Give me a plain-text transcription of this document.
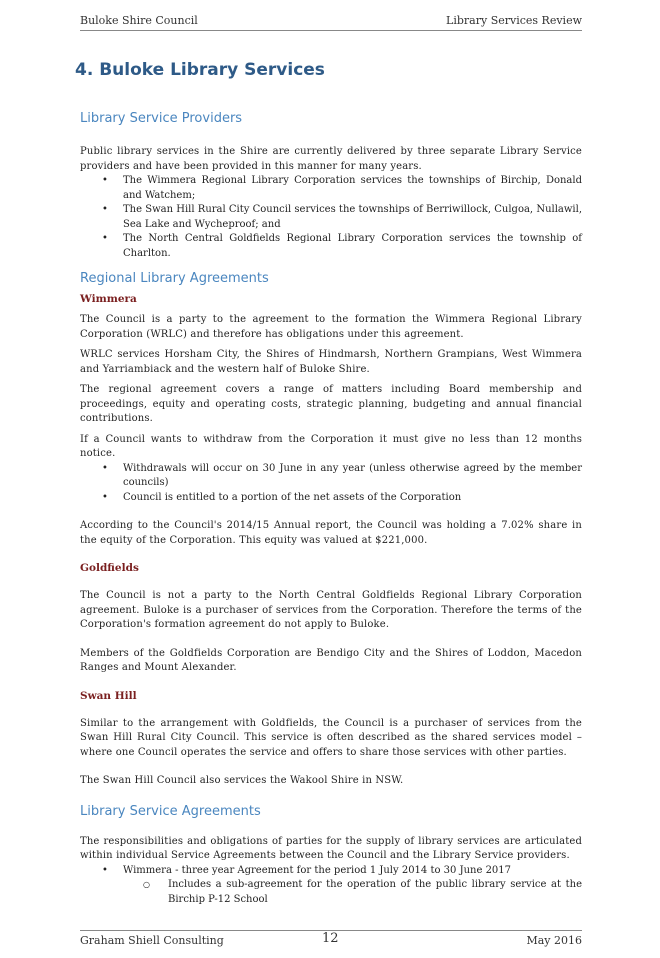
Buloke Shire Council	Library Services Review
4. Buloke Library Services
Library Service Providers

Public library services in the Shire are currently delivered by three separate Library Service providers and have been provided in this manner for many years.

• The Wimmera Regional Library Corporation services the townships of Birchip, Donald and Watchem;
• The Swan Hill Rural City Council services the townships of Berriwillock, Culgoa, Nullawil, Sea Lake and Wycheproof; and
• The North Central Goldfields Regional Library Corporation services the township of Charlton.
Regional Library Agreements
Wimmera

The Council is a party to the agreement to the formation the Wimmera Regional Library Corporation (WRLC) and therefore has obligations under this agreement.

WRLC services Horsham City, the Shires of Hindmarsh, Northern Grampians, West Wimmera and Yarriambiack and the western half of Buloke Shire.

The regional agreement covers a range of matters including Board membership and proceedings, equity and operating costs, strategic planning, budgeting and annual financial contributions.

If a Council wants to withdraw from the Corporation it must give no less than 12 months notice.

• Withdrawals will occur on 30 June in any year (unless otherwise agreed by the member councils)
• Council is entitled to a portion of the net assets of the Corporation

According to the Council's 2014/15 Annual report, the Council was holding a 7.02% share in the equity of the Corporation. This equity was valued at $221,000.

Goldfields

The Council is not a party to the North Central Goldfields Regional Library Corporation agreement. Buloke is a purchaser of services from the Corporation. Therefore the terms of the Corporation's formation agreement do not apply to Buloke.

Members of the Goldfields Corporation are Bendigo City and the Shires of Loddon, Macedon Ranges and Mount Alexander.

Swan Hill

Similar to the arrangement with Goldfields, the Council is a purchaser of services from the Swan Hill Rural City Council. This service is often described as the shared services model – where one Council operates the service and offers to share those services with other parties.

The Swan Hill Council also services the Wakool Shire in NSW.

Library Service Agreements

The responsibilities and obligations of parties for the supply of library services are articulated within individual Service Agreements between the Council and the Library Service providers.

• Wimmera - three year Agreement for the period 1 July 2014 to 30 June 2017
○ Includes a sub-agreement for the operation of the public library service at the Birchip P-12 School
Graham Shiell Consulting	12	May 2016
